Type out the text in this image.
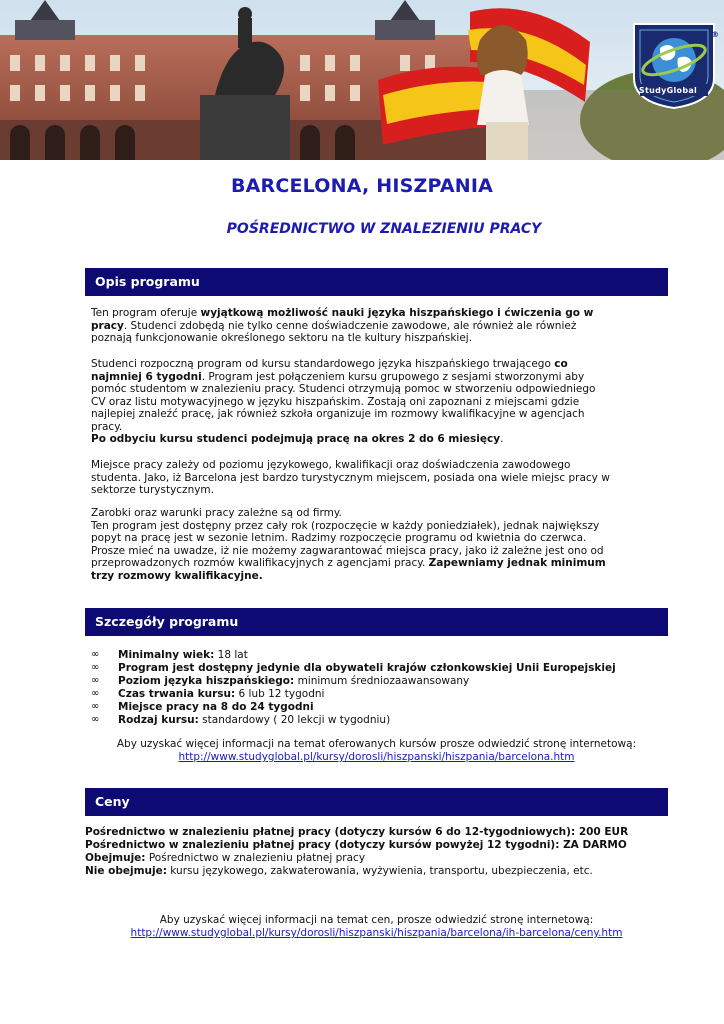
StudyGlobal
®
BARCELONA, HISZPANIA
POŚREDNICTWO W ZNALEZIENIU PRACY
Opis programu

Ten program oferuje wyjątkową możliwość nauki języka hiszpańskiego i ćwiczenia go w pracy. Studenci zdobędą nie tylko cenne doświadczenie zawodowe, ale również ale również poznają funkcjonowanie określonego sektoru na tle kultury hiszpańskiej.

Studenci rozpoczną program od kursu standardowego języka hiszpańskiego trwającego co najmniej 6 tygodni. Program jest połączeniem kursu grupowego z sesjami stworzonymi aby pomóc studentom w znalezieniu pracy. Studenci otrzymują pomoc w stworzeniu odpowiedniego CV oraz listu motywacyjnego w języku hiszpańskim. Zostają oni zapoznani z miejscami gdzie najlepiej znaleźć pracę, jak również szkoła organizuje im rozmowy kwalifikacyjne w agencjach pracy.

Po odbyciu kursu studenci podejmują pracę na okres 2 do 6 miesięcy.

Miejsce pracy zależy od poziomu językowego, kwalifikacji oraz doświadczenia zawodowego studenta. Jako, iż Barcelona jest bardzo turystycznym miejscem, posiada ona wiele miejsc pracy w sektorze turystycznym.

Zarobki oraz warunki pracy zależne są od firmy.
Ten program jest dostępny przez cały rok (rozpoczęcie w każdy poniedziałek), jednak największy popyt na pracę jest w sezonie letnim. Radzimy rozpoczęcie programu od kwietnia do czerwca.
Prosze mieć na uwadze, iż nie możemy zagwarantować miejsca pracy, jako iż zależne jest ono od przeprowadzonych rozmów kwalifikacyjnych z agencjami pracy. Zapewniamy jednak minimum trzy rozmowy kwalifikacyjne.

Szczegóły programu
∞ Minimalny wiek: 18 lat
∞ Program jest dostępny jedynie dla obywateli krajów członkowskiej Unii Europejskiej
∞ Poziom języka hiszpańskiego: minimum średniozaawansowany
∞ Czas trwania kursu: 6 lub 12 tygodni
∞ Miejsce pracy na 8 do 24 tygodni
∞ Rodzaj kursu: standardowy ( 20 lekcji w tygodniu)

Aby uzyskać więcej informacji na temat oferowanych kursów prosze odwiedzić stronę internetową: http://www.studyglobal.pl/kursy/dorosli/hiszpanski/hiszpania/barcelona.htm

Ceny
Pośrednictwo w znalezieniu płatnej pracy (dotyczy kursów 6 do 12-tygodniowych): 200 EUR
Pośrednictwo w znalezieniu płatnej pracy (dotyczy kursów powyżej 12 tygodni): ZA DARMO
Obejmuje: Pośrednictwo w znalezieniu płatnej pracy
Nie obejmuje: kursu językowego, zakwaterowania, wyżywienia, transportu, ubezpieczenia, etc.

Aby uzyskać więcej informacji na temat cen, prosze odwiedzić stronę internetową:
http://www.studyglobal.pl/kursy/dorosli/hiszpanski/hiszpania/barcelona/ih-barcelona/ceny.htm
